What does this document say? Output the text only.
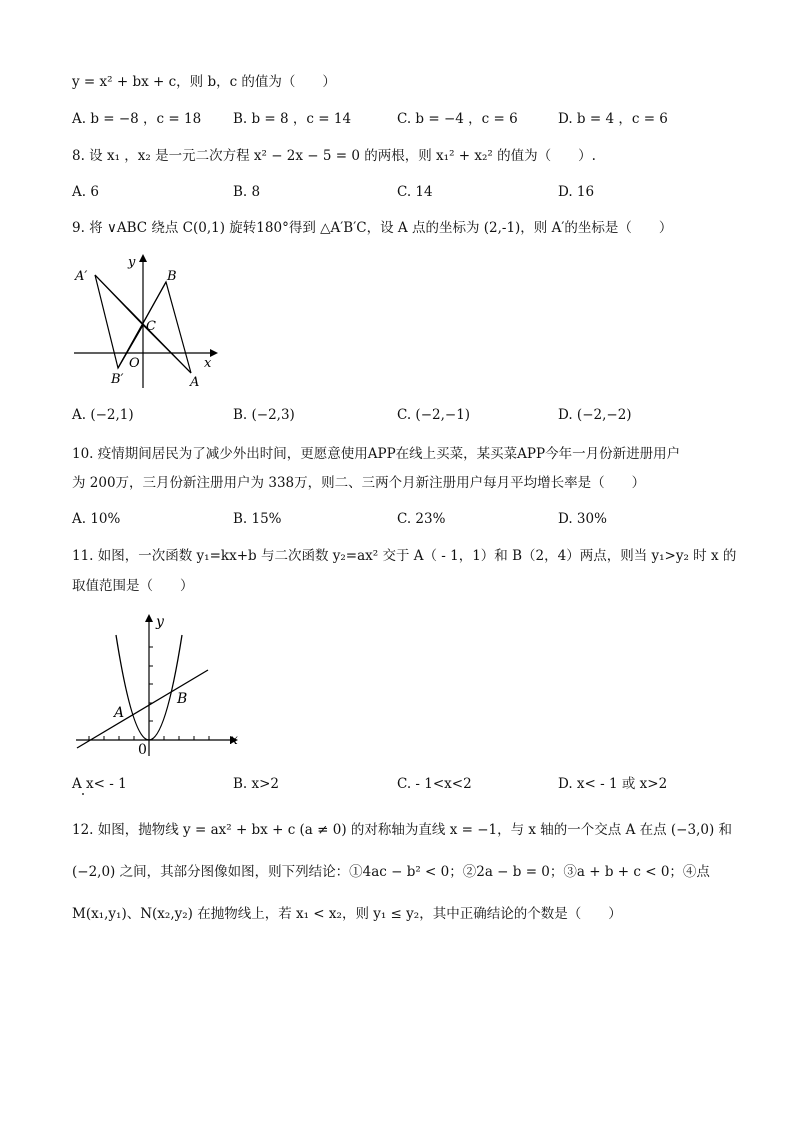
y = x² + bx + c，则 b，c 的值为（　　）
A. b = −8 ，c = 18 B. b = 8 ，c = 14	C. b = −4 ，c = 6	D. b = 4 ，c = 6
8. 设 x₁ ，x₂ 是一元二次方程 x² − 2x − 5 = 0 的两根，则 x₁² + x₂² 的值为（　　）.
A. 6	B. 8	C. 14	D. 16
9. 将 ∨ABC 绕点 C(0,1) 旋转180°得到 △A′B′C，设 A 点的坐标为 (2,-1)，则 A′的坐标是（　　）
y
x
A′	B
C
O
B′	A
A. (−2,1)	B. (−2,3)	C. (−2,−1)	D. (−2,−2)
10. 疫情期间居民为了减少外出时间，更愿意使用APP在线上买菜，某买菜APP今年一月份新进册用户
为 200万，三月份新注册用户为 338万，则二、三两个月新注册用户每月平均增长率是（　　）
A. 10%	B. 15%	C. 23%	D. 30%
11. 如图，一次函数 y₁=kx+b 与二次函数 y₂=ax² 交于 A（ - 1，1）和 B（2，4）两点，则当 y₁>y₂ 时 x 的
取值范围是（　　）
y
x
A
B
0
A x< - 1	B. x>2	C. - 1<x<2	D. x< - 1 或 x>2
12. 如图，抛物线 y = ax² + bx + c (a ≠ 0) 的对称轴为直线 x = −1，与 x 轴的一个交点 A 在点 (−3,0) 和
(−2,0) 之间，其部分图像如图，则下列结论：①4ac − b² < 0；②2a − b = 0；③a + b + c < 0；④点
M(x₁,y₁)、N(x₂,y₂) 在抛物线上，若 x₁ < x₂，则 y₁ ≤ y₂，其中正确结论的个数是（　　）
